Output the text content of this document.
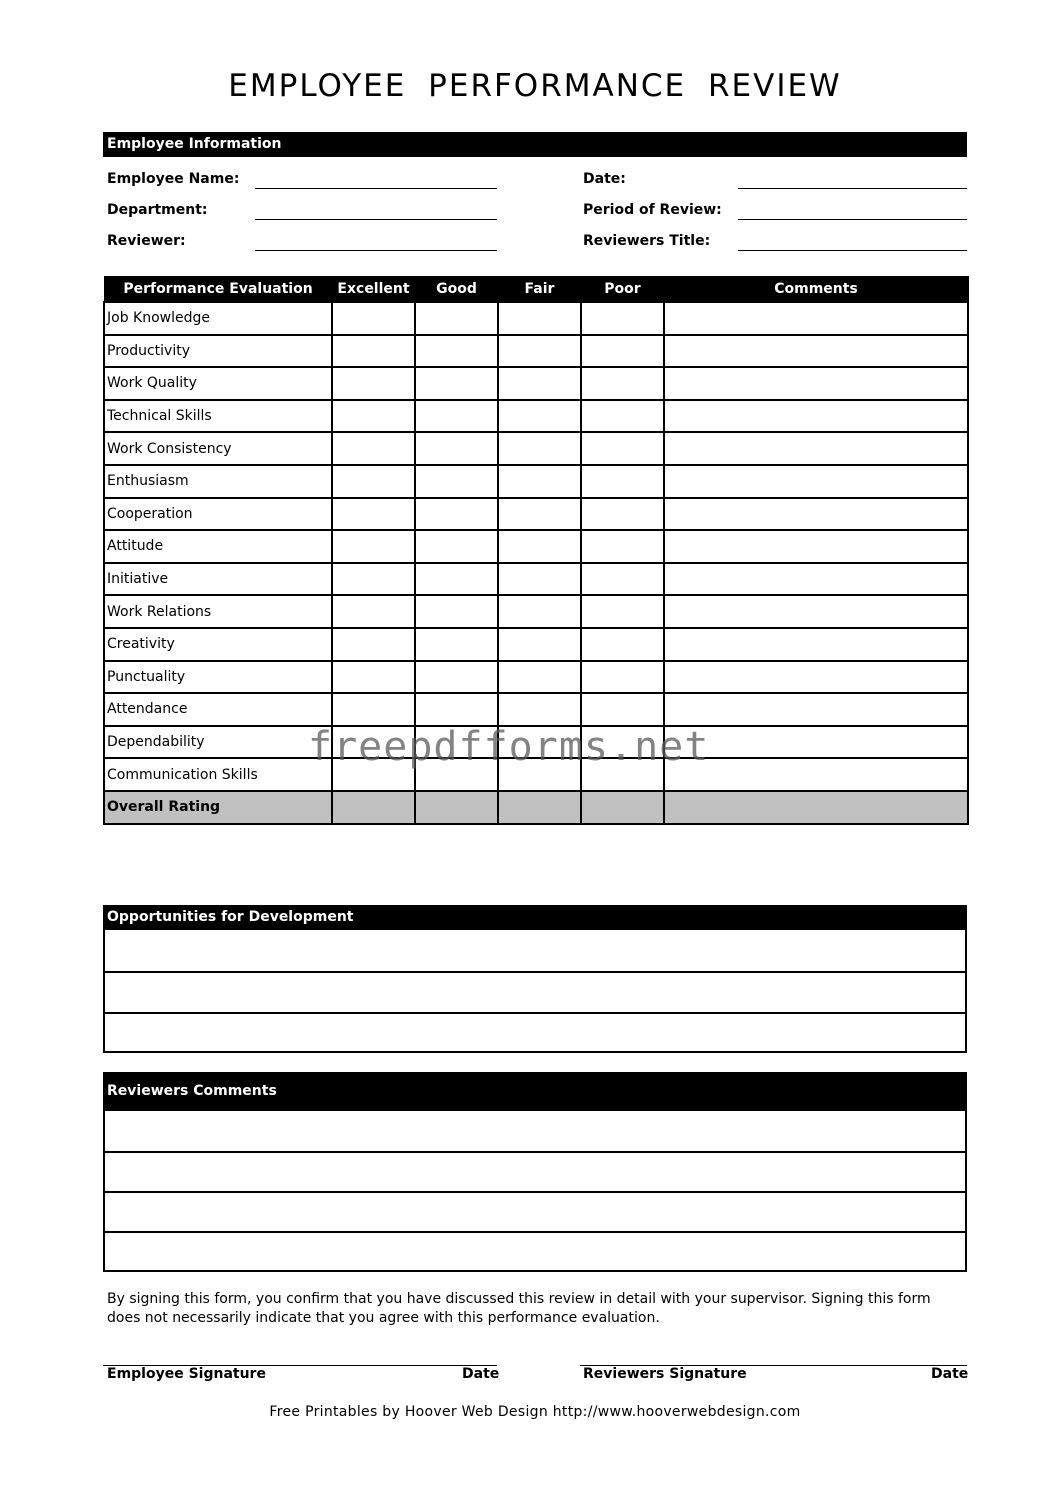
EMPLOYEE PERFORMANCE REVIEW
Employee Information
Employee Name:
Department:
Reviewer:
Date:
Period of Review:
Reviewers Title:
Performance Evaluation	Excellent	Good	Fair	Poor	Comments
Job Knowledge					
Productivity					
Work Quality					
Technical Skills					
Work Consistency					
Enthusiasm					
Cooperation					
Attitude					
Initiative					
Work Relations					
Creativity					
Punctuality					
Attendance					
Dependability					
Communication Skills					
Overall Rating					
Opportunities for Development
Reviewers Comments
By signing this form, you confirm that you have discussed this review in detail with your supervisor. Signing this form does not necessarily indicate that you agree with this performance evaluation.
Employee Signature	Date	Reviewers Signature	Date
Free Printables by Hoover Web Design http://www.hooverwebdesign.com
freepdfforms.net
